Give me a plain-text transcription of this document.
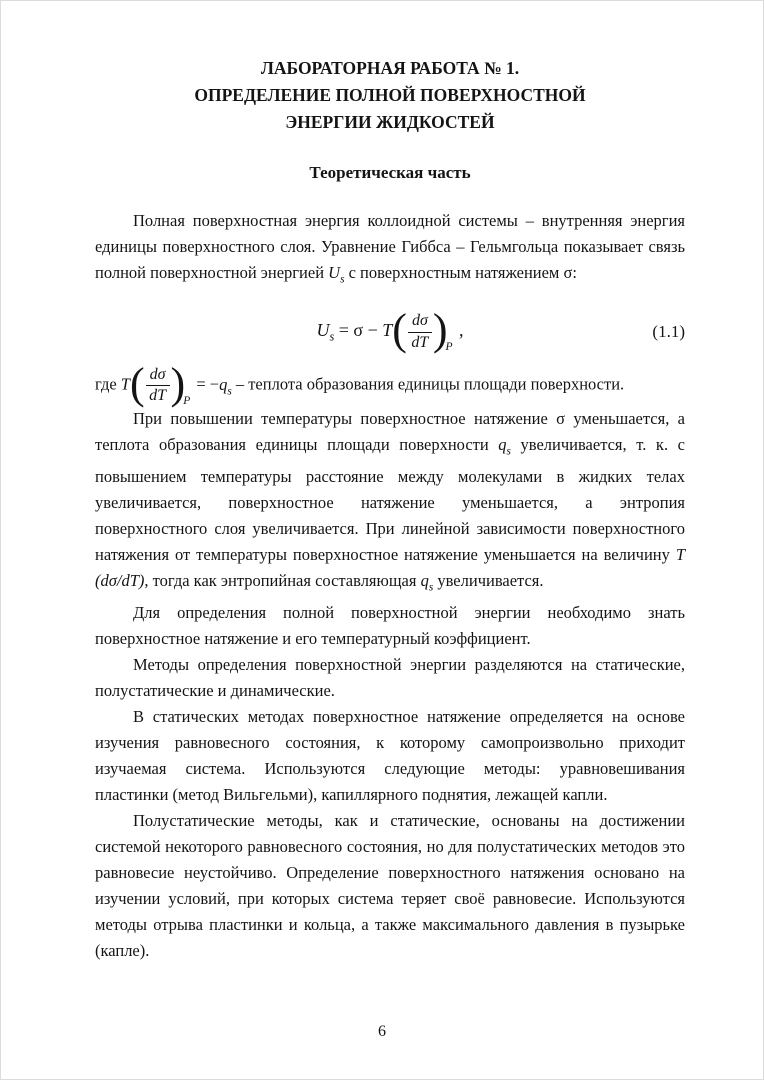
ЛАБОРАТОРНАЯ РАБОТА № 1.
ОПРЕДЕЛЕНИЕ ПОЛНОЙ ПОВЕРХНОСТНОЙ
ЭНЕРГИИ ЖИДКОСТЕЙ
Теоретическая часть

Полная поверхностная энергия коллоидной системы – внутренняя энергия единицы поверхностного слоя. Уравнение Гиббса – Гельмгольца показывает связь полной поверхностной энергией $U_s$ с поверхностным натяжением σ:

$U_s = \sigma - T( \frac{d\sigma}{dT} )_P$ ,	(1.1)

где $T( \frac{d\sigma}{dT} )_P = -q_s$ – теплота образования единицы площади поверхности.

При повышении температуры поверхностное натяжение σ уменьшается, а теплота образования единицы площади поверхности $q_s$ увеличивается, т. к. с повышением температуры расстояние между молекулами в жидких телах увеличивается, поверхностное натяжение уменьшается, а энтропия поверхностного слоя увеличивается. При линейной зависимости поверхностного натяжения от температуры поверхностное натяжение уменьшается на величину T (dσ/dT), тогда как энтропийная составляющая $q_s$ увеличивается.

Для определения полной поверхностной энергии необходимо знать поверхностное натяжение и его температурный коэффициент.

Методы определения поверхностной энергии разделяются на статические, полустатические и динамические.

В статических методах поверхностное натяжение определяется на основе изучения равновесного состояния, к которому самопроизвольно приходит изучаемая система. Используются следующие методы: уравновешивания пластинки (метод Вильгельми), капиллярного поднятия, лежащей капли.

Полустатические методы, как и статические, основаны на достижении системой некоторого равновесного состояния, но для полустатических методов это равновесие неустойчиво. Определение поверхностного натяжения основано на изучении условий, при которых система теряет своё равновесие. Используются методы отрыва пластинки и кольца, а также максимального давления в пузырьке (капле).

6
